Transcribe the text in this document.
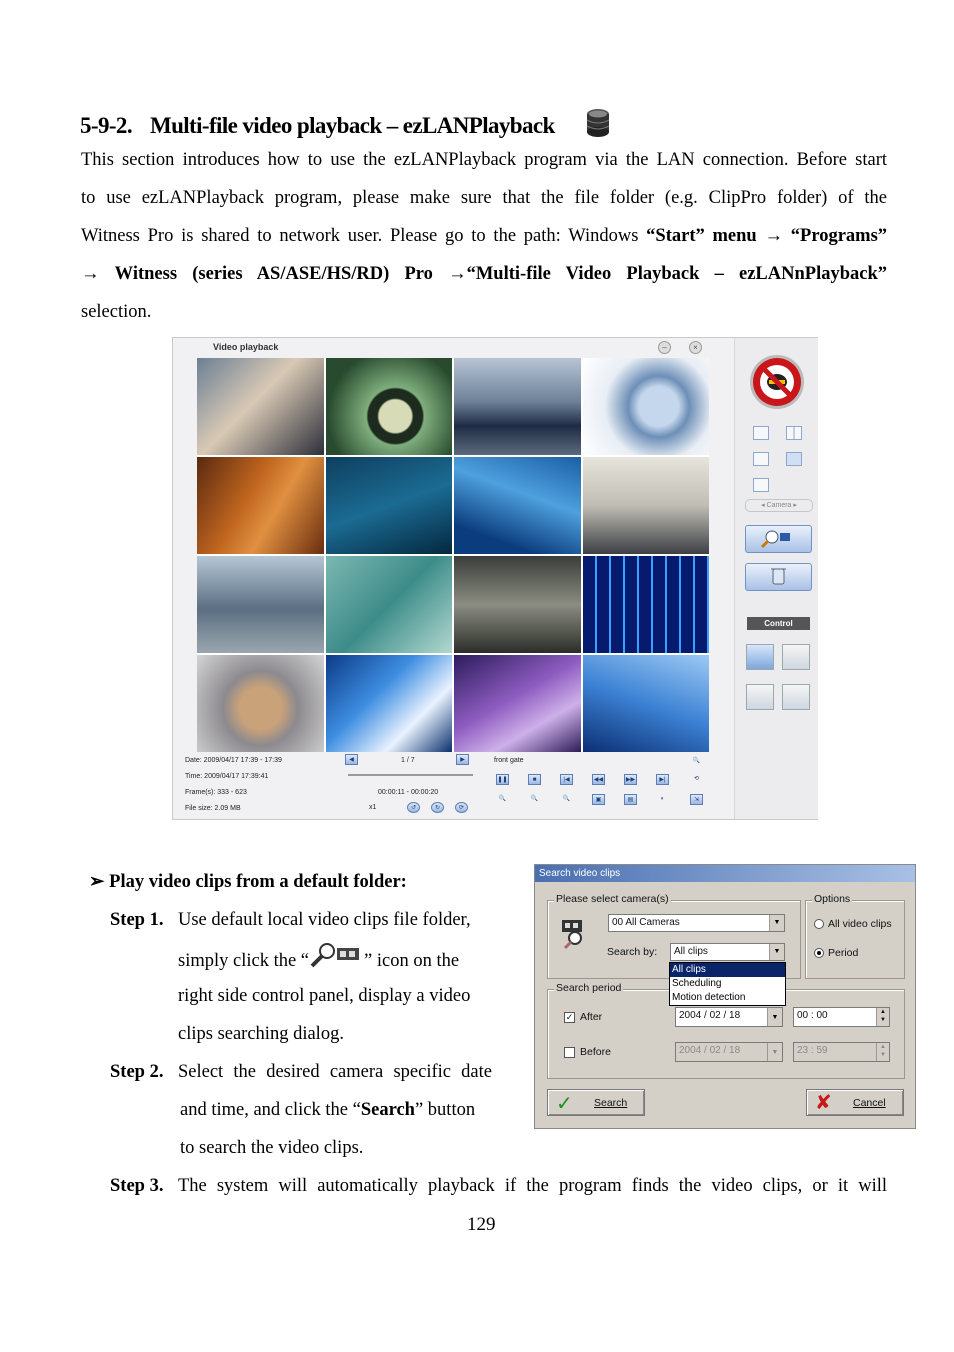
5-9-2. Multi-file video playback – ezLANPlayback
This section introduces how to use the ezLANPlayback program via the LAN connection. Before start
to use ezLANPlayback program, please make sure that the file folder (e.g. ClipPro folder) of the
Witness Pro is shared to network user. Please go to the path: Windows “Start” menu → “Programs”
→ Witness (series AS/ASE/HS/RD) Pro →“Multi-file Video Playback – ezLANnPlayback”
selection.
Video playback	–	×
Date: 2009/04/17 17:39 - 17:39
Time: 2009/04/17 17:39:41
Frame(s): 333 - 623
File size: 2.09 MB
◀	1 / 7	▶
00:00:11 - 00:00:20
x1	↺	↻	⟳
front gate
❚❚	■	|◀	◀◀	▶▶	▶|
🔍
⟲
🔍	🔍	🔍	▣	▤	◐	⇲
◂ Camera ▸
Control
➢ Play video clips from a default folder:
Step 1. Use default local video clips file folder,
simply click the “	” icon on the
right side control panel, display a video
clips searching dialog.
Step 2. Select the desired camera specific date
and time, and click the “Search” button
to search the video clips.
Step 3. The system will automatically playback if the program finds the video clips, or it will
Search video clips
Please select camera(s)
00 All Cameras	▼
Search by:	All clips	▼
Options
All video clips
Period
Search period
✓ After	2004 / 02 / 18	▼	00 : 00	▲
▼
Before	2004 / 02 / 18	▼	23 : 59	▲
▼
✓ Search	✘ Cancel
All clips
Scheduling
Motion detection
129
